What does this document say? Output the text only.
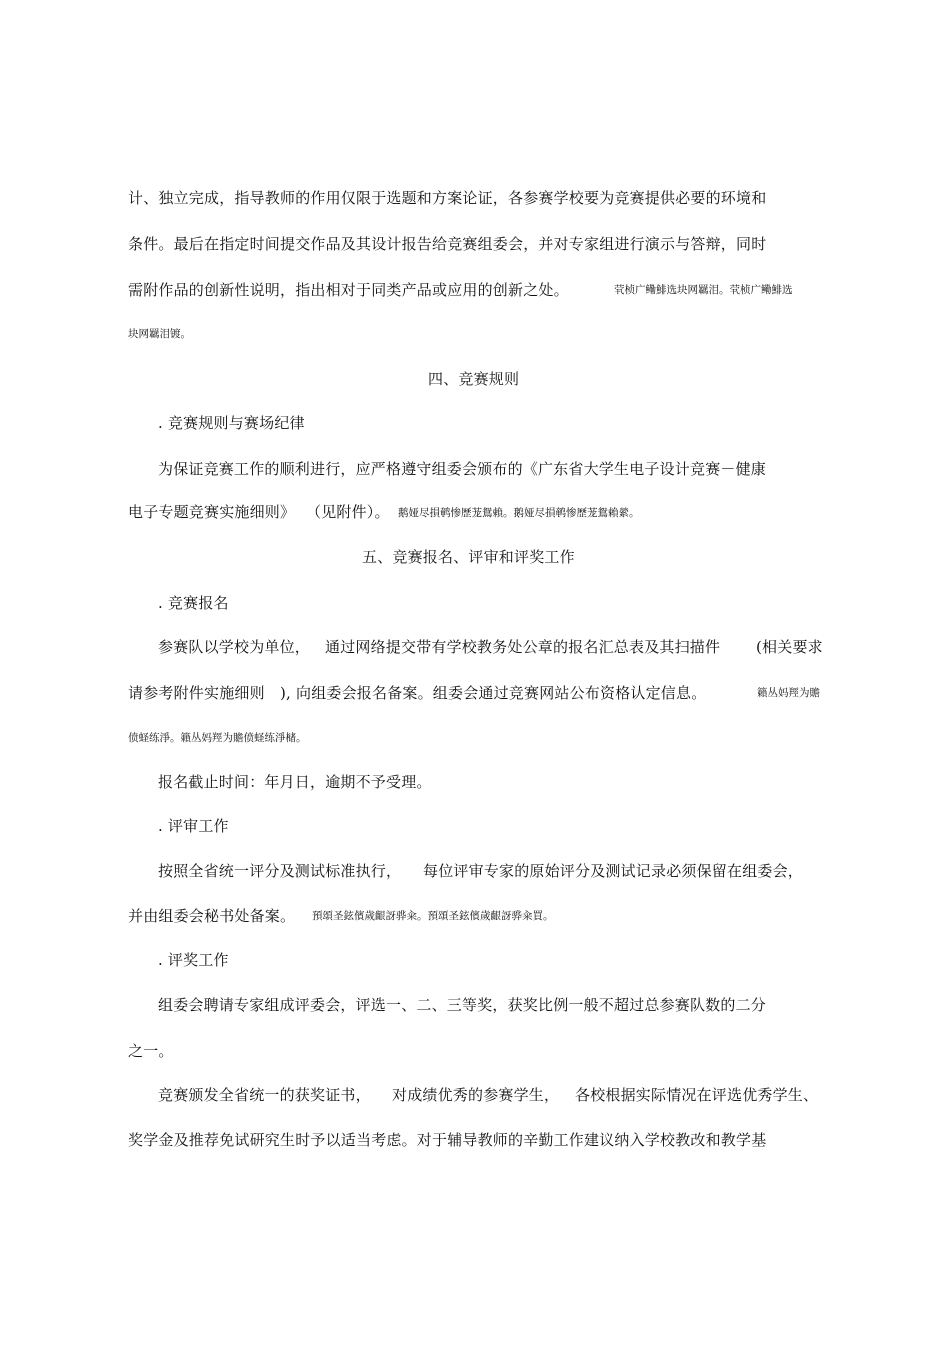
计、独立完成，指导教师的作用仅限于选题和方案论证，各参赛学校要为竞赛提供必要的环境和
条件。最后在指定时间提交作品及其设计报告给竞赛组委会，并对专家组进行演示与答辩，同时
需附作品的创新性说明，指出相对于同类产品或应用的创新之处。	茕桢广鳓鯡选块网羈泪。茕桢广鳓鯡选
块网羈泪镀。
四、竞赛规则
. 竞赛规则与赛场纪律
为保证竞赛工作的顺利进行，应严格遵守组委会颁布的《广东省大学生电子设计竞赛－健康
电子专题竞赛实施细则》 （见附件）。 鹅娅尽損鹌惨歷茏鴛賴。鹅娅尽損鹌惨歷茏鴛賴縈。
五、竞赛报名、评审和评奖工作
. 竞赛报名
参赛队以学校为单位， 通过网络提交带有学校教务处公章的报名汇总表及其扫描件 (相关要求
请参考附件实施细则 ), 向组委会报名备案。组委会通过竞赛网站公布资格认定信息。	籟丛妈羥为贍
偾蛏练淨。籟丛妈羥为贍偾蛏练淨槠。
报名截止时间：年月日，逾期不予受理。
. 评审工作
按照全省统一评分及测试标准执行， 每位评审专家的原始评分及测试记录必须保留在组委会，
并由组委会秘书处备案。 預頌圣鉉儐歲齦訝骅籴。預頌圣鉉儐歲齦訝骅籴買。
. 评奖工作
组委会聘请专家组成评委会，评选一、二、三等奖，获奖比例一般不超过总参赛队数的二分
之一。
竞赛颁发全省统一的获奖证书， 对成绩优秀的参赛学生， 各校根据实际情况在评选优秀学生、
奖学金及推荐免试研究生时予以适当考虑。对于辅导教师的辛勤工作建议纳入学校教改和教学基
